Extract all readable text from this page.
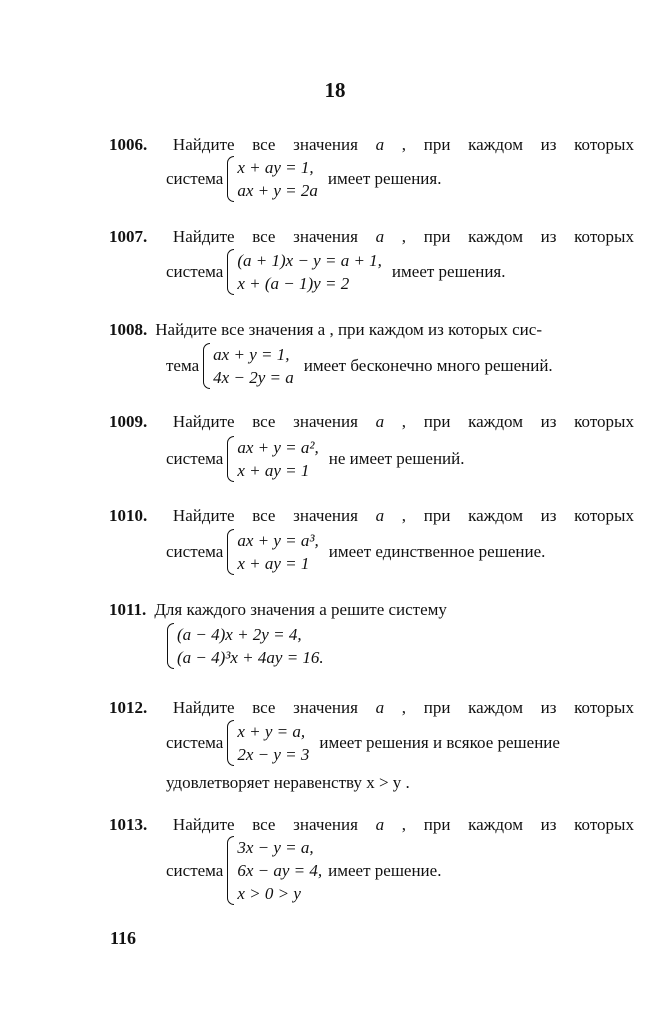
18
1006. Найдите все значения a , при каждом из которых
система
x + ay = 1,
ax + y = 2a
имеет решения.
1007. Найдите все значения a , при каждом из которых
система
(a + 1)x − y = a + 1,
x + (a − 1)y = 2
имеет решения.
1008. Найдите все значения a , при каждом из которых сис-
тема
ax + y = 1,
4x − 2y = a
имеет бесконечно много решений.
1009. Найдите все значения a , при каждом из которых
система
ax + y = a²,
x + ay = 1
не имеет решений.
1010. Найдите все значения a , при каждом из которых
система
ax + y = a³,
x + ay = 1
имеет единственное решение.
1011. Для каждого значения a решите систему
(a − 4)x + 2y = 4,
(a − 4)³x + 4ay = 16.
1012. Найдите все значения a , при каждом из которых
система
x + y = a,
2x − y = 3
имеет решения и всякое решение
удовлетворяет неравенству x > y .
1013. Найдите все значения a , при каждом из которых
система
3x − y = a,
6x − ay = 4,
x > 0 > y
имеет решение.
116
